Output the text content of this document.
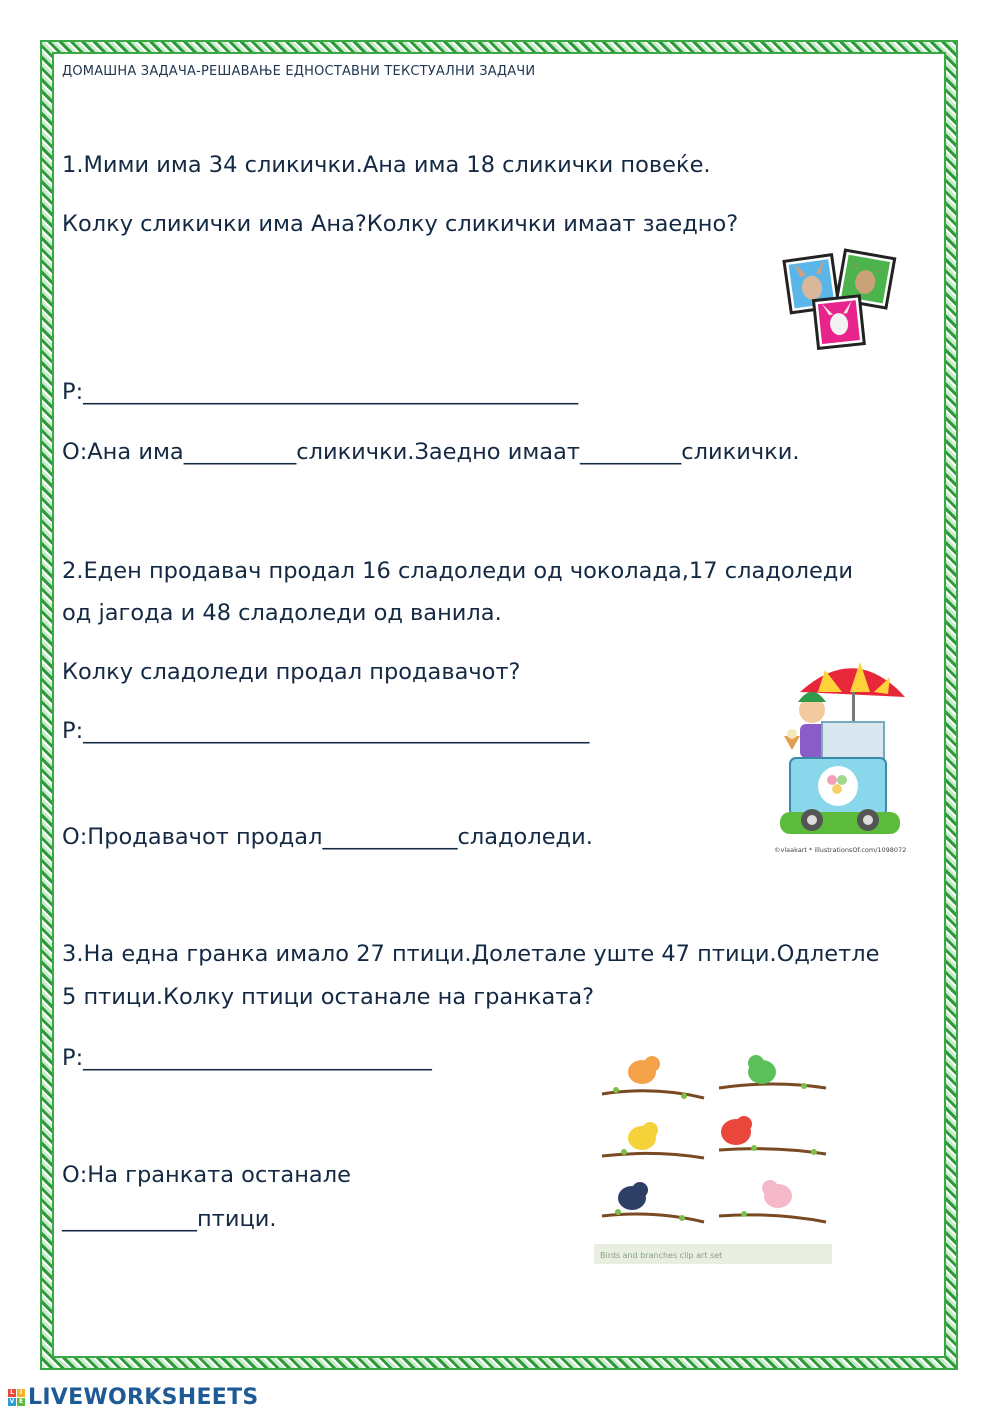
ДОМАШНА ЗАДАЧА-РЕШАВАЊЕ ЕДНОСТАВНИ ТЕКСТУАЛНИ ЗАДАЧИ
1.Мими има 34 сликички.Ана има 18 сликички повеќе.
Колку сликички има Ана?Колку сликички имаат заедно?
Р:____________________________________________
О:Ана има__________сликички.Заедно имаат_________сликички.
2.Еден продавач продал 16 сладоледи од чоколада,17 сладоледи
од јагода и 48 сладоледи од ванила.
Колку сладоледи продал продавачот?
Р:_____________________________________________
О:Продавачот продал____________сладоледи.	©vlaakart * illustrationsOf.com/1098072
3.На една гранка имало 27 птици.Долетале уште 47 птици.Одлетле
5 птици.Колку птици останале на гранката?
Р:_______________________________
О:На гранката останале
____________птици.
Birds and branches clip art set
L I
V E LIVEWORKSHEETS
